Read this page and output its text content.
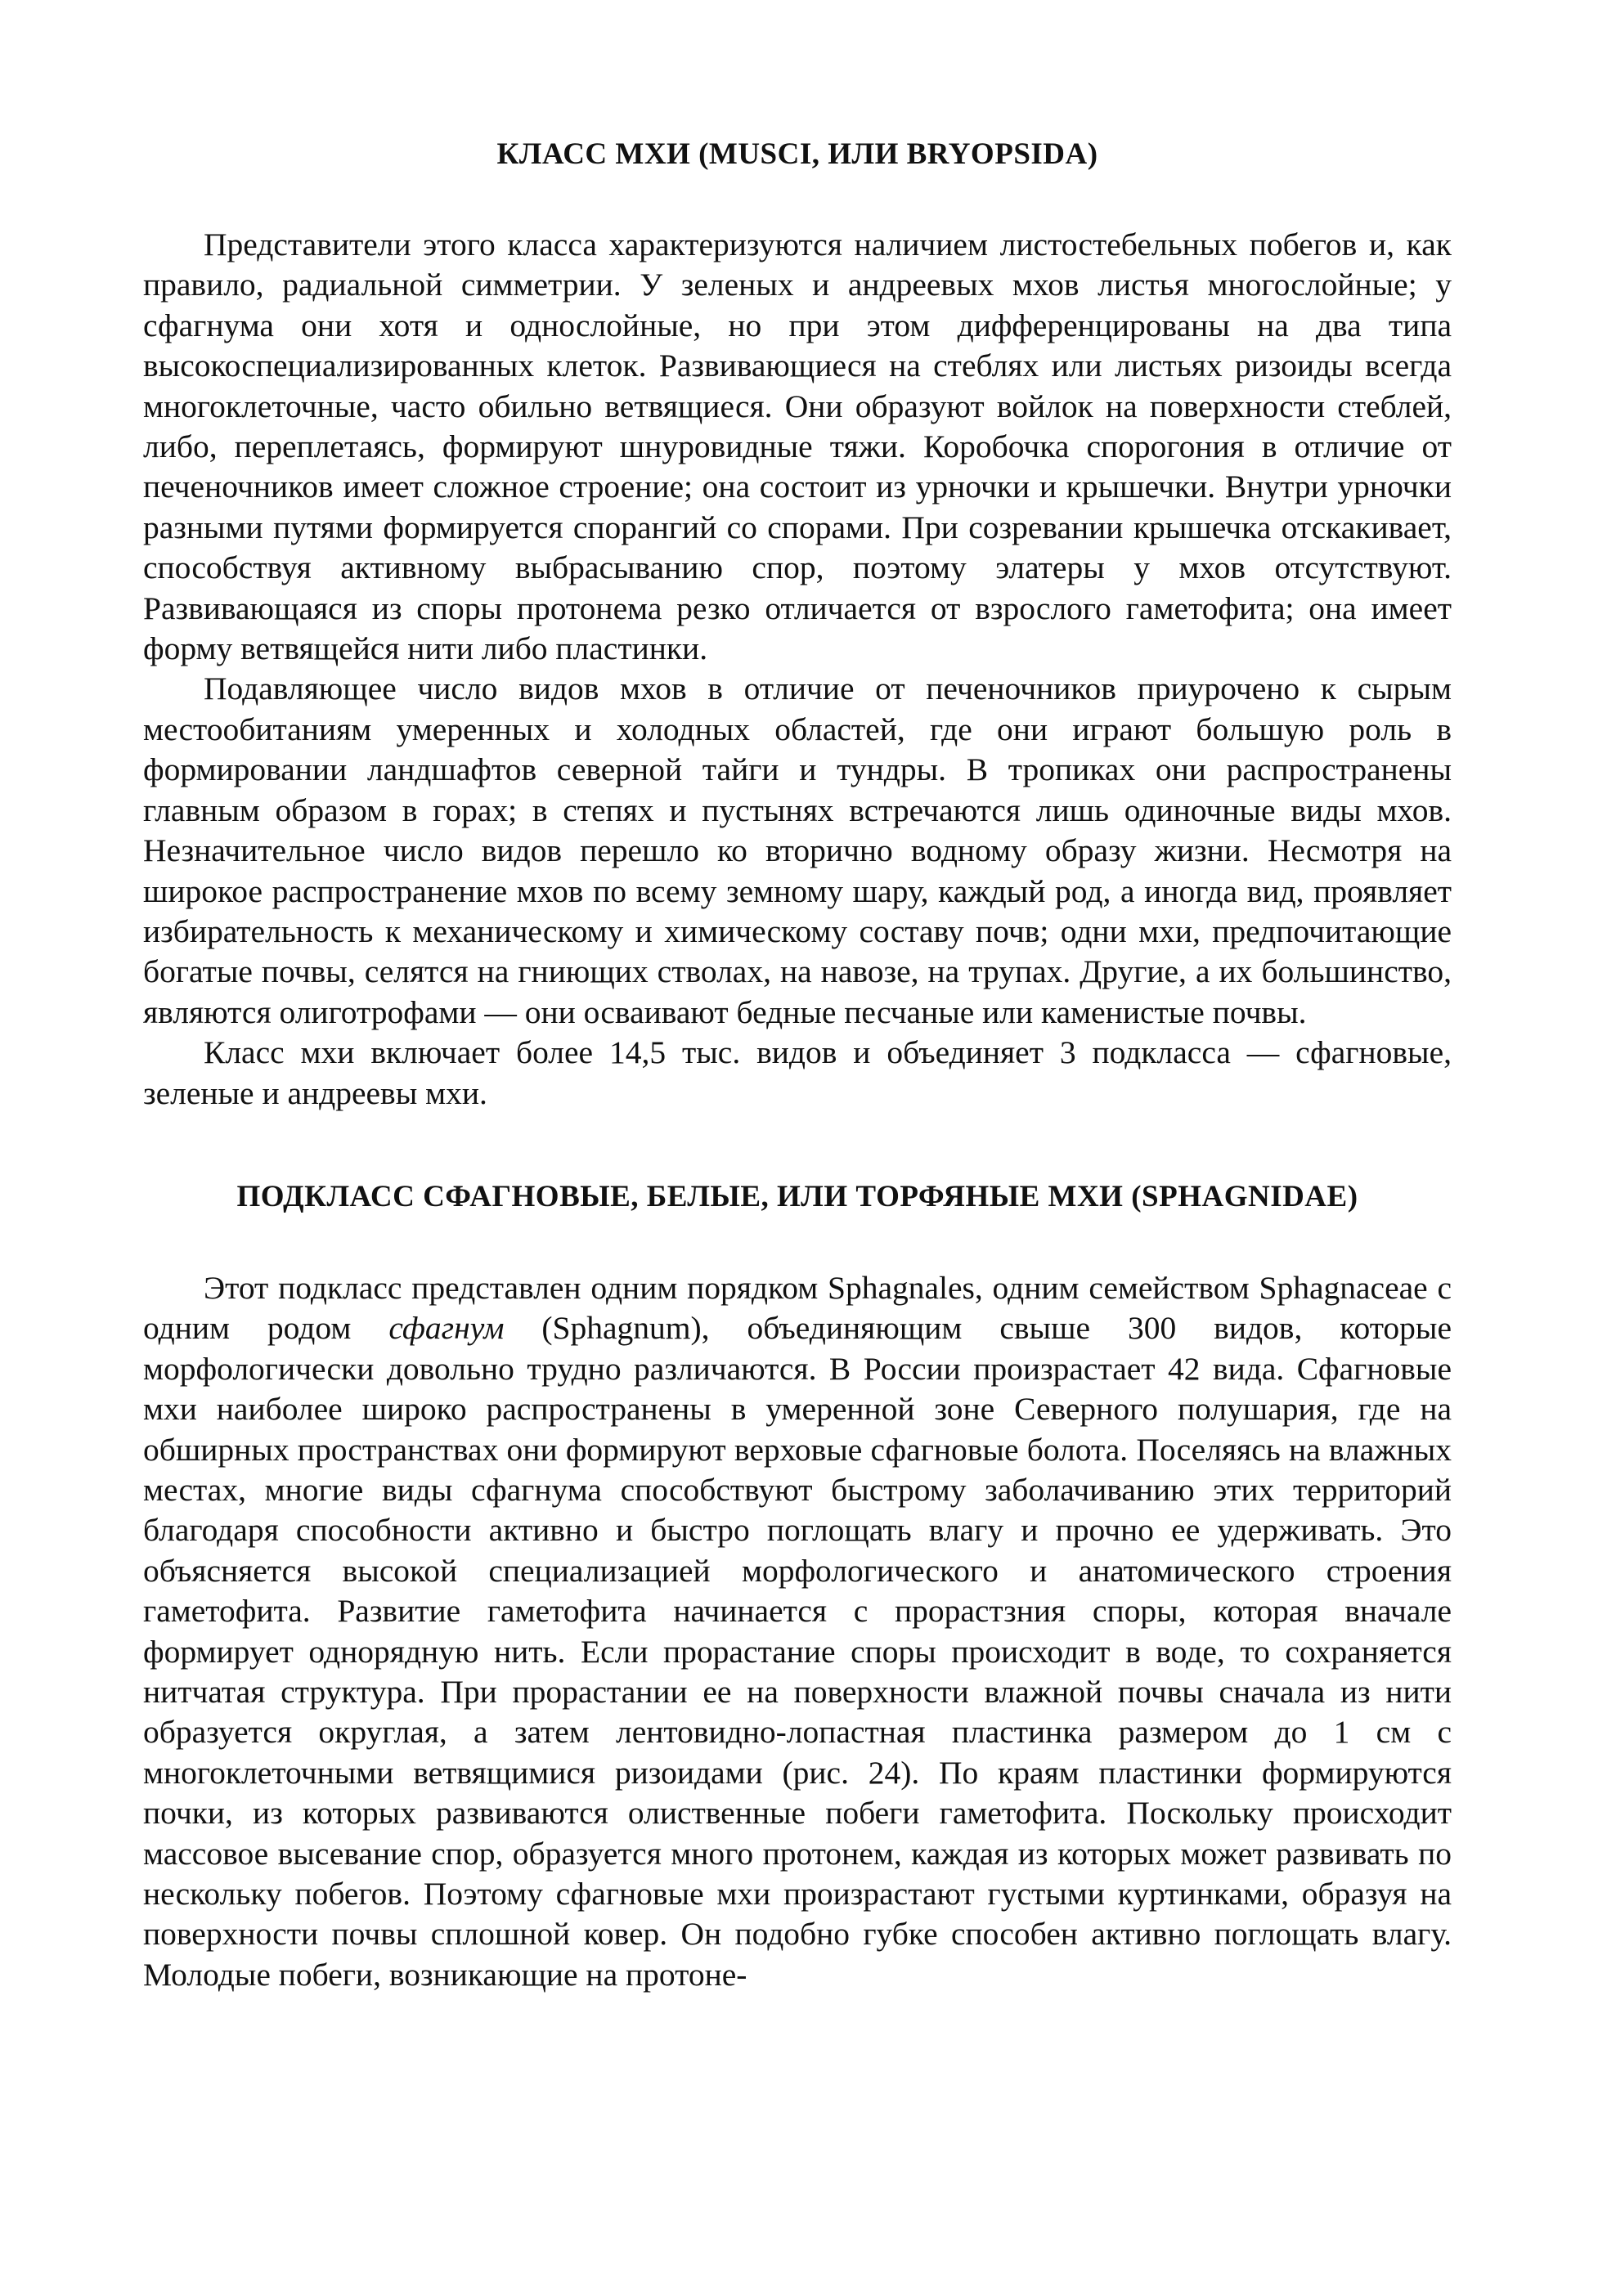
КЛАСС МХИ (MUSCI, ИЛИ BRYOPSIDA)

Представители этого класса характеризуются наличием листостебельных побегов и, как правило, радиальной симметрии. У зеленых и андреевых мхов листья многослойные; у сфагнума они хотя и однослойные, но при этом дифференцированы на два типа высокоспециализированных клеток. Развивающиеся на стеблях или листьях ризоиды всегда многоклеточные, часто обильно ветвящиеся. Они образуют войлок на поверхности стеблей, либо, переплетаясь, формируют шнуровидные тяжи. Коробочка спорогония в отличие от печеночников имеет сложное строение; она состоит из урночки и крышечки. Внутри урночки разными путями формируется спорангий со спорами. При созревании крышечка отскакивает, способствуя активному выбрасыванию спор, поэтому элатеры у мхов отсутствуют. Развивающаяся из споры протонема резко отличается от взрослого гаметофита; она имеет форму ветвящейся нити либо пластинки.

Подавляющее число видов мхов в отличие от печеночников приурочено к сырым местообитаниям умеренных и холодных областей, где они играют большую роль в формировании ландшафтов северной тайги и тундры. В тропиках они распространены главным образом в горах; в степях и пустынях встречаются лишь одиночные виды мхов. Незначительное число видов перешло ко вторично водному образу жизни. Несмотря на широкое распространение мхов по всему земному шару, каждый род, а иногда вид, проявляет избирательность к механическому и химическому составу почв; одни мхи, предпочитающие богатые почвы, селятся на гниющих стволах, на навозе, на трупах. Другие, а их большинство, являются олиготрофами — они осваивают бедные песчаные или каменистые почвы.

Класс мхи включает более 14,5 тыс. видов и объединяет 3 подкласса — сфагновые, зеленые и андреевы мхи.

ПОДКЛАСС СФАГНОВЫЕ, БЕЛЫЕ, ИЛИ ТОРФЯНЫЕ МХИ (SPHAGNIDAE)

Этот подкласс представлен одним порядком Sphagnales, одним семейством Sphagnaceae с одним родом сфагнум (Sphagnum), объединяющим свыше 300 видов, которые морфологически довольно трудно различаются. В России произрастает 42 вида. Сфагновые мхи наиболее широко распространены в умеренной зоне Северного полушария, где на обширных пространствах они формируют верховые сфагновые болота. Поселяясь на влажных местах, многие виды сфагнума способствуют быстрому заболачиванию этих территорий благодаря способности активно и быстро поглощать влагу и прочно ее удерживать. Это объясняется высокой специализацией морфологического и анатомического строения гаметофита. Развитие гаметофита начинается с прорастзния споры, которая вначале формирует однорядную нить. Если прорастание споры происходит в воде, то сохраняется нитчатая структура. При прорастании ее на поверхности влажной почвы сначала из нити образуется округлая, а затем лентовидно-лопастная пластинка размером до 1 см с многоклеточными ветвящимися ризоидами (рис. 24). По краям пластинки формируются почки, из которых развиваются олиственные побеги гаметофита. Поскольку происходит массовое высевание спор, образуется много протонем, каждая из которых может развивать по нескольку побегов. Поэтому сфагновые мхи произрастают густыми куртинками, образуя на поверхности почвы сплошной ковер. Он подобно губке способен активно поглощать влагу. Молодые побеги, возникающие на протоне-
